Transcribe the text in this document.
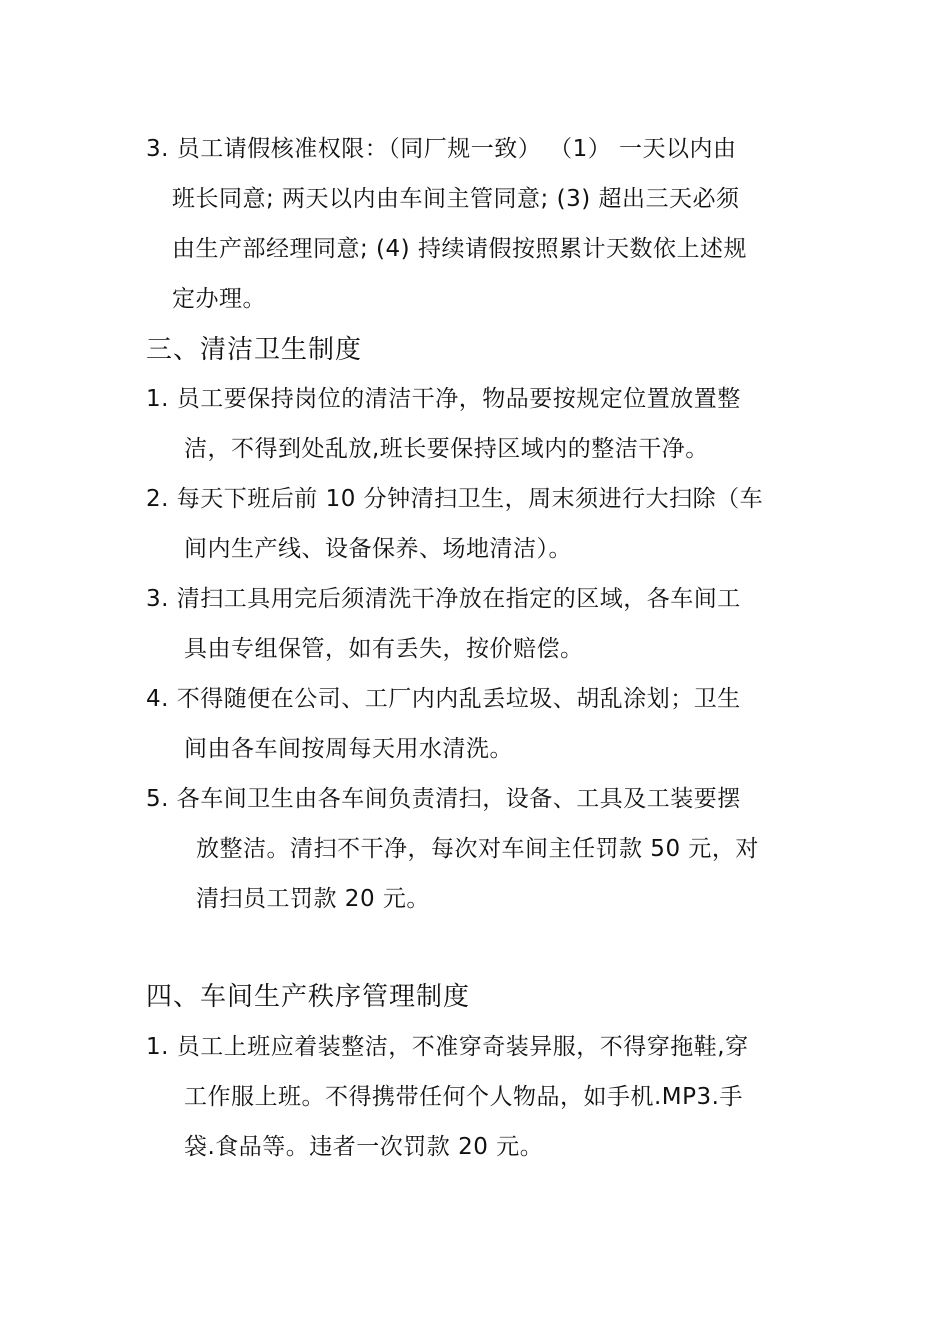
3. 员工请假核准权限：（同厂规一致） （1） 一天以内由
班长同意; 两天以内由车间主管同意; (3) 超出三天必须
由生产部经理同意; (4) 持续请假按照累计天数依上述规
定办理。
三、清洁卫生制度
1. 员工要保持岗位的清洁干净，物品要按规定位置放置整
洁，不得到处乱放,班长要保持区域内的整洁干净。
2. 每天下班后前 10 分钟清扫卫生，周末须进行大扫除（车
间内生产线、设备保养、场地清洁）。
3. 清扫工具用完后须清洗干净放在指定的区域，各车间工
具由专组保管，如有丢失，按价赔偿。
4. 不得随便在公司、工厂内内乱丢垃圾、胡乱涂划；卫生
间由各车间按周每天用水清洗。
5. 各车间卫生由各车间负责清扫，设备、工具及工装要摆
放整洁。清扫不干净，每次对车间主任罚款 50 元，对
清扫员工罚款 20 元。
四、车间生产秩序管理制度
1. 员工上班应着装整洁，不准穿奇装异服，不得穿拖鞋,穿
工作服上班。不得携带任何个人物品，如手机.MP3.手
袋.食品等。违者一次罚款 20 元。
